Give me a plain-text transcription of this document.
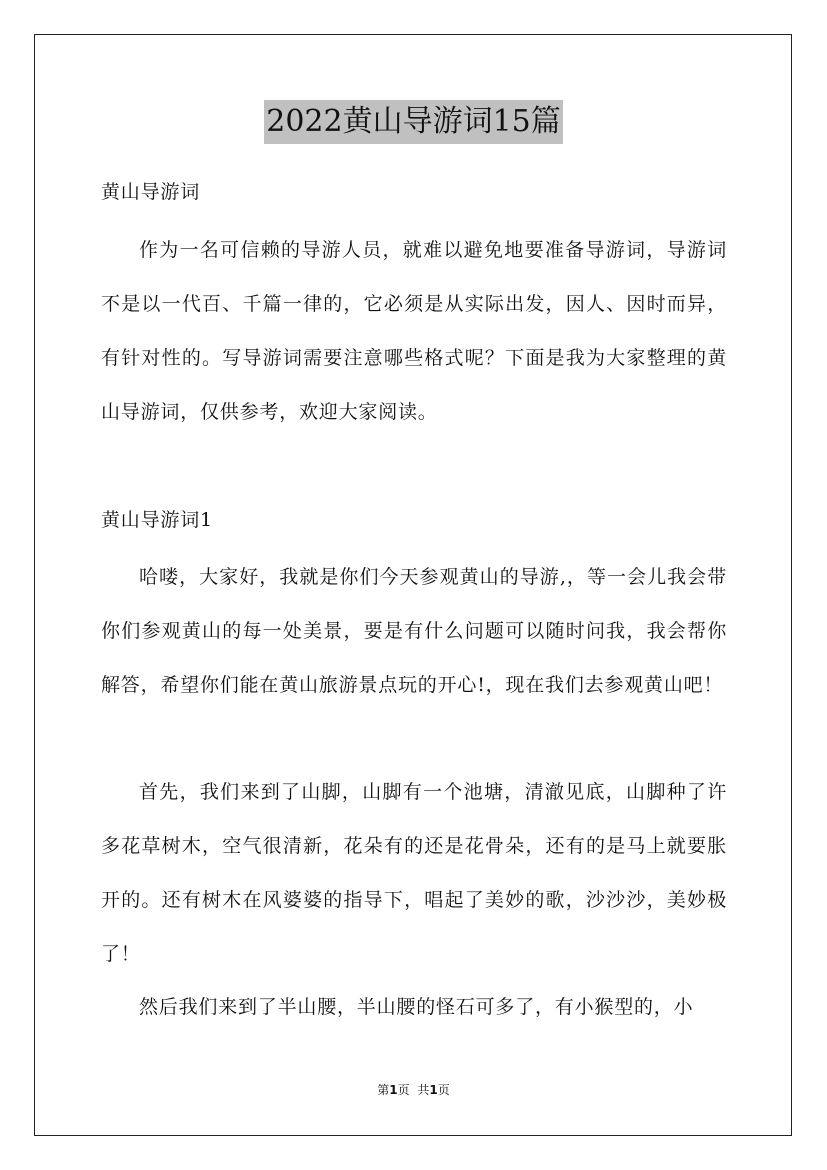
2022黄山导游词15篇
黄山导游词
作为一名可信赖的导游人员，就难以避免地要准备导游词，导游词不是以一代百、千篇一律的，它必须是从实际出发，因人、因时而异，有针对性的。写导游词需要注意哪些格式呢？下面是我为大家整理的黄山导游词，仅供参考，欢迎大家阅读。
黄山导游词1
哈喽，大家好，我就是你们今天参观黄山的导游,，等一会儿我会带你们参观黄山的每一处美景，要是有什么问题可以随时问我，我会帮你解答，希望你们能在黄山旅游景点玩的开心!，现在我们去参观黄山吧！
首先，我们来到了山脚，山脚有一个池塘，清澈见底，山脚种了许多花草树木，空气很清新，花朵有的还是花骨朵，还有的是马上就要胀开的。还有树木在风婆婆的指导下，唱起了美妙的歌，沙沙沙，美妙极了！
然后我们来到了半山腰，半山腰的怪石可多了，有小猴型的，小
第1页 共1页
